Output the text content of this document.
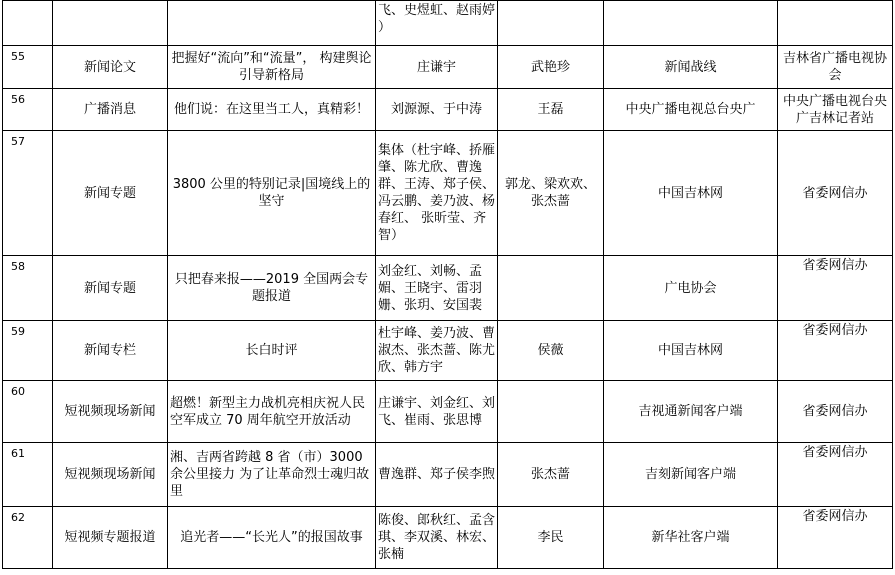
			飞、史煜虹、赵雨婷 ）			
55	新闻论文	把握好“流向”和“流量”， 构建舆论引导新格局	庄谦宇	武艳珍	新闻战线	吉林省广播电视协会
56	广播消息	他们说：在这里当工人，真精彩！	刘源源、于中涛	王磊	中央广播电视总台央广	中央广播电视台央广吉林记者站
57	新闻专题	3800 公里的特别记录|国境线上的坚守	集体（杜宇峰、挢雁肇、陈尤欣、曹逸群、王涛、郑子侯、冯云鹏、姜乃波、杨春红、 张昕莹、齐智）	郭龙、梁欢欢、 张杰蔷	中国吉林网	省委网信办
58	新闻专题	只把春来报——2019 全国两会专题报道	刘金红、刘畅、孟媚、王晓宇、雷羽姗、张玥、安国裴		广电协会	省委网信办
59	新闻专栏	长白时评	杜宇峰、姜乃波、曹淑杰、张杰蔷、陈尤欣、韩方宇	侯薇	中国吉林网	省委网信办
60	短视频现场新闻	超燃！新型主力战机亮相庆祝人民空军成立 70 周年航空开放活动	庄谦宇、刘金红、刘飞、崔雨、张思博		吉视通新闻客户端	省委网信办
61	短视频现场新闻	湘、吉两省跨越 8 省（市）3000 余公里接力 为了让革命烈士魂归故里	曹逸群、郑子侯李煦	张杰蔷	吉刻新闻客户端	省委网信办
62	短视频专题报道	追光者——“长光人”的报国故事	陈俊、郎秋红、孟含琪、李双溪、林宏、张楠	李民	新华社客户端	省委网信办
